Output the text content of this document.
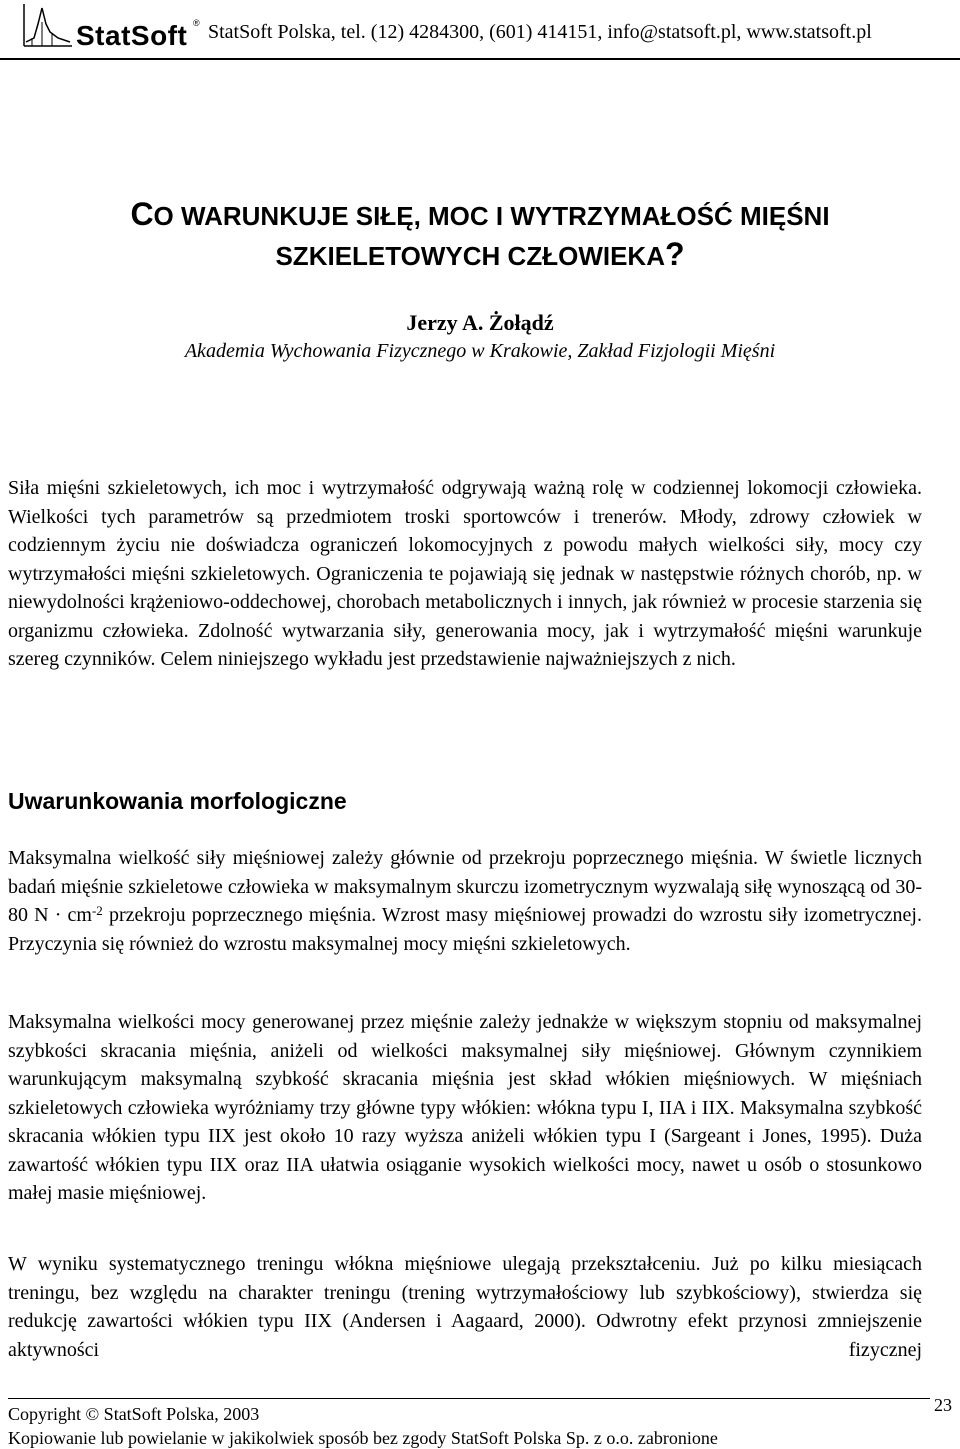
StatSoft ® StatSoft Polska, tel. (12) 4284300, (601) 414151, info@statsoft.pl, www.statsoft.pl
CO WARUNKUJE SIŁĘ, MOC I WYTRZYMAŁOŚĆ MIĘŚNI
SZKIELETOWYCH CZŁOWIEKA?
Jerzy A. Żołądź
Akademia Wychowania Fizycznego w Krakowie, Zakład Fizjologii Mięśni

Siła mięśni szkieletowych, ich moc i wytrzymałość odgrywają ważną rolę w codziennej lokomocji człowieka. Wielkości tych parametrów są przedmiotem troski sportowców i trenerów. Młody, zdrowy człowiek w codziennym życiu nie doświadcza ograniczeń lokomocyjnych z powodu małych wielkości siły, mocy czy wytrzymałości mięśni szkieletowych. Ograniczenia te pojawiają się jednak w następstwie różnych chorób, np. w niewydolności krążeniowo-oddechowej, chorobach metabolicznych i innych, jak również w procesie starzenia się organizmu człowieka. Zdolność wytwarzania siły, generowania mocy, jak i wytrzymałość mięśni warunkuje szereg czynników. Celem niniejszego wykładu jest przedstawienie najważniejszych z nich.

Uwarunkowania morfologiczne

Maksymalna wielkość siły mięśniowej zależy głównie od przekroju poprzecznego mięśnia. W świetle licznych badań mięśnie szkieletowe człowieka w maksymalnym skurczu izometrycznym wyzwalają siłę wynoszącą od 30-80 $N \cdot cm^{-2}$ przekroju poprzecznego mięśnia. Wzrost masy mięśniowej prowadzi do wzrostu siły izometrycznej. Przyczynia się również do wzrostu maksymalnej mocy mięśni szkieletowych.

Maksymalna wielkości mocy generowanej przez mięśnie zależy jednakże w większym stopniu od maksymalnej szybkości skracania mięśnia, aniżeli od wielkości maksymalnej siły mięśniowej. Głównym czynnikiem warunkującym maksymalną szybkość skracania mięśnia jest skład włókien mięśniowych. W mięśniach szkieletowych człowieka wyróżniamy trzy główne typy włókien: włókna typu I, IIA i IIX. Maksymalna szybkość skracania włókien typu IIX jest około 10 razy wyższa aniżeli włókien typu I (Sargeant i Jones, 1995). Duża zawartość włókien typu IIX oraz IIA ułatwia osiąganie wysokich wielkości mocy, nawet u osób o stosunkowo małej masie mięśniowej.

W wyniku systematycznego treningu włókna mięśniowe ulegają przekształceniu. Już po kilku miesiącach treningu, bez względu na charakter treningu (trening wytrzymałościowy lub szybkościowy), stwierdza się redukcję zawartości włókien typu IIX (Andersen i Aagaard, 2000). Odwrotny efekt przynosi zmniejszenie aktywności fizycznej

Copyright © StatSoft Polska, 2003
Kopiowanie lub powielanie w jakikolwiek sposób bez zgody StatSoft Polska Sp. z o.o. zabronione
23
